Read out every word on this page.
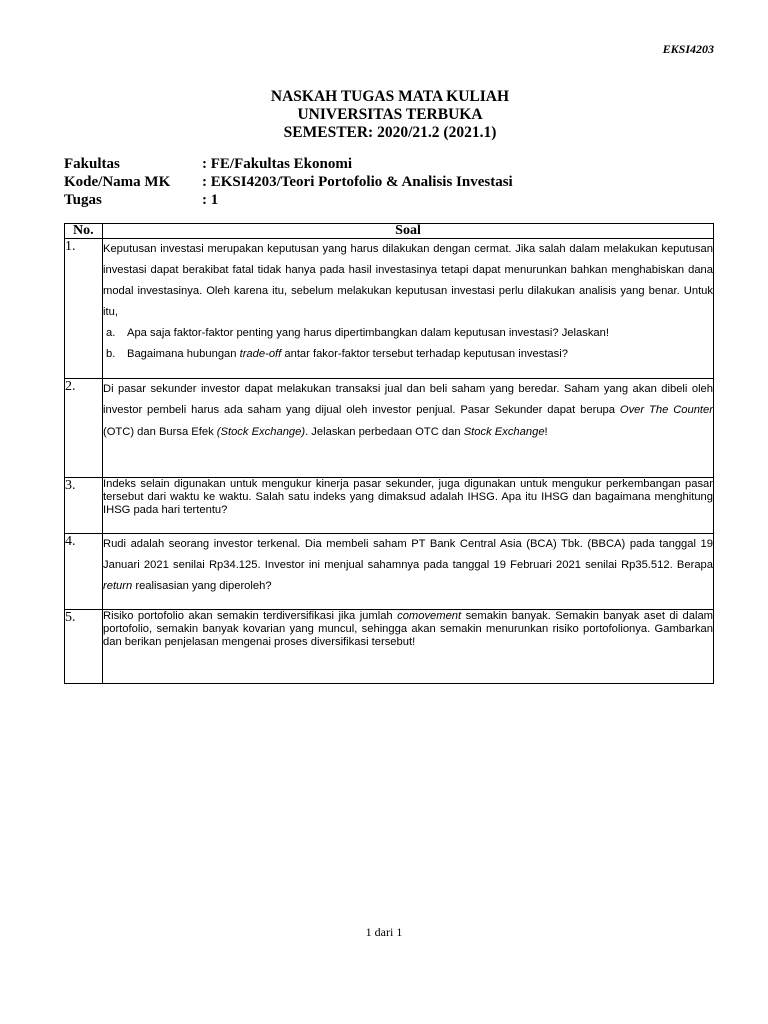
EKSI4203
NASKAH TUGAS MATA KULIAH
UNIVERSITAS TERBUKA
SEMESTER: 2020/21.2 (2021.1)
Fakultas	: FE/Fakultas Ekonomi
Kode/Nama MK : EKSI4203/Teori Portofolio & Analisis Investasi
Tugas	: 1
No.	Soal
1.	Keputusan investasi merupakan keputusan yang harus dilakukan dengan cermat. Jika salah dalam melakukan keputusan investasi dapat berakibat fatal tidak hanya pada hasil investasinya tetapi dapat menurunkan bahkan menghabiskan dana modal investasinya. Oleh karena itu, sebelum melakukan keputusan investasi perlu dilakukan analisis yang benar. Untuk itu,
a. Apa saja faktor-faktor penting yang harus dipertimbangkan dalam keputusan investasi? Jelaskan!
b. Bagaimana hubungan trade-off antar fakor-faktor tersebut terhadap keputusan investasi?

2.	Di pasar sekunder investor dapat melakukan transaksi jual dan beli saham yang beredar. Saham yang akan dibeli oleh investor pembeli harus ada saham yang dijual oleh investor penjual. Pasar Sekunder dapat berupa Over The Counter (OTC) dan Bursa Efek (Stock Exchange). Jelaskan perbedaan OTC dan Stock Exchange!
3.	Indeks selain digunakan untuk mengukur kinerja pasar sekunder, juga digunakan untuk mengukur perkembangan pasar tersebut dari waktu ke waktu. Salah satu indeks yang dimaksud adalah IHSG. Apa itu IHSG dan bagaimana menghitung IHSG pada hari tertentu?
4.	Rudi adalah seorang investor terkenal. Dia membeli saham PT Bank Central Asia (BCA) Tbk. (BBCA) pada tanggal 19 Januari 2021 senilai Rp34.125. Investor ini menjual sahamnya pada tanggal 19 Februari 2021 senilai Rp35.512. Berapa return realisasian yang diperoleh?
5.	Risiko portofolio akan semakin terdiversifikasi jika jumlah comovement semakin banyak. Semakin banyak aset di dalam portofolio, semakin banyak kovarian yang muncul, sehingga akan semakin menurunkan risiko portofolionya. Gambarkan dan berikan penjelasan mengenai proses diversifikasi tersebut!
1 dari 1
